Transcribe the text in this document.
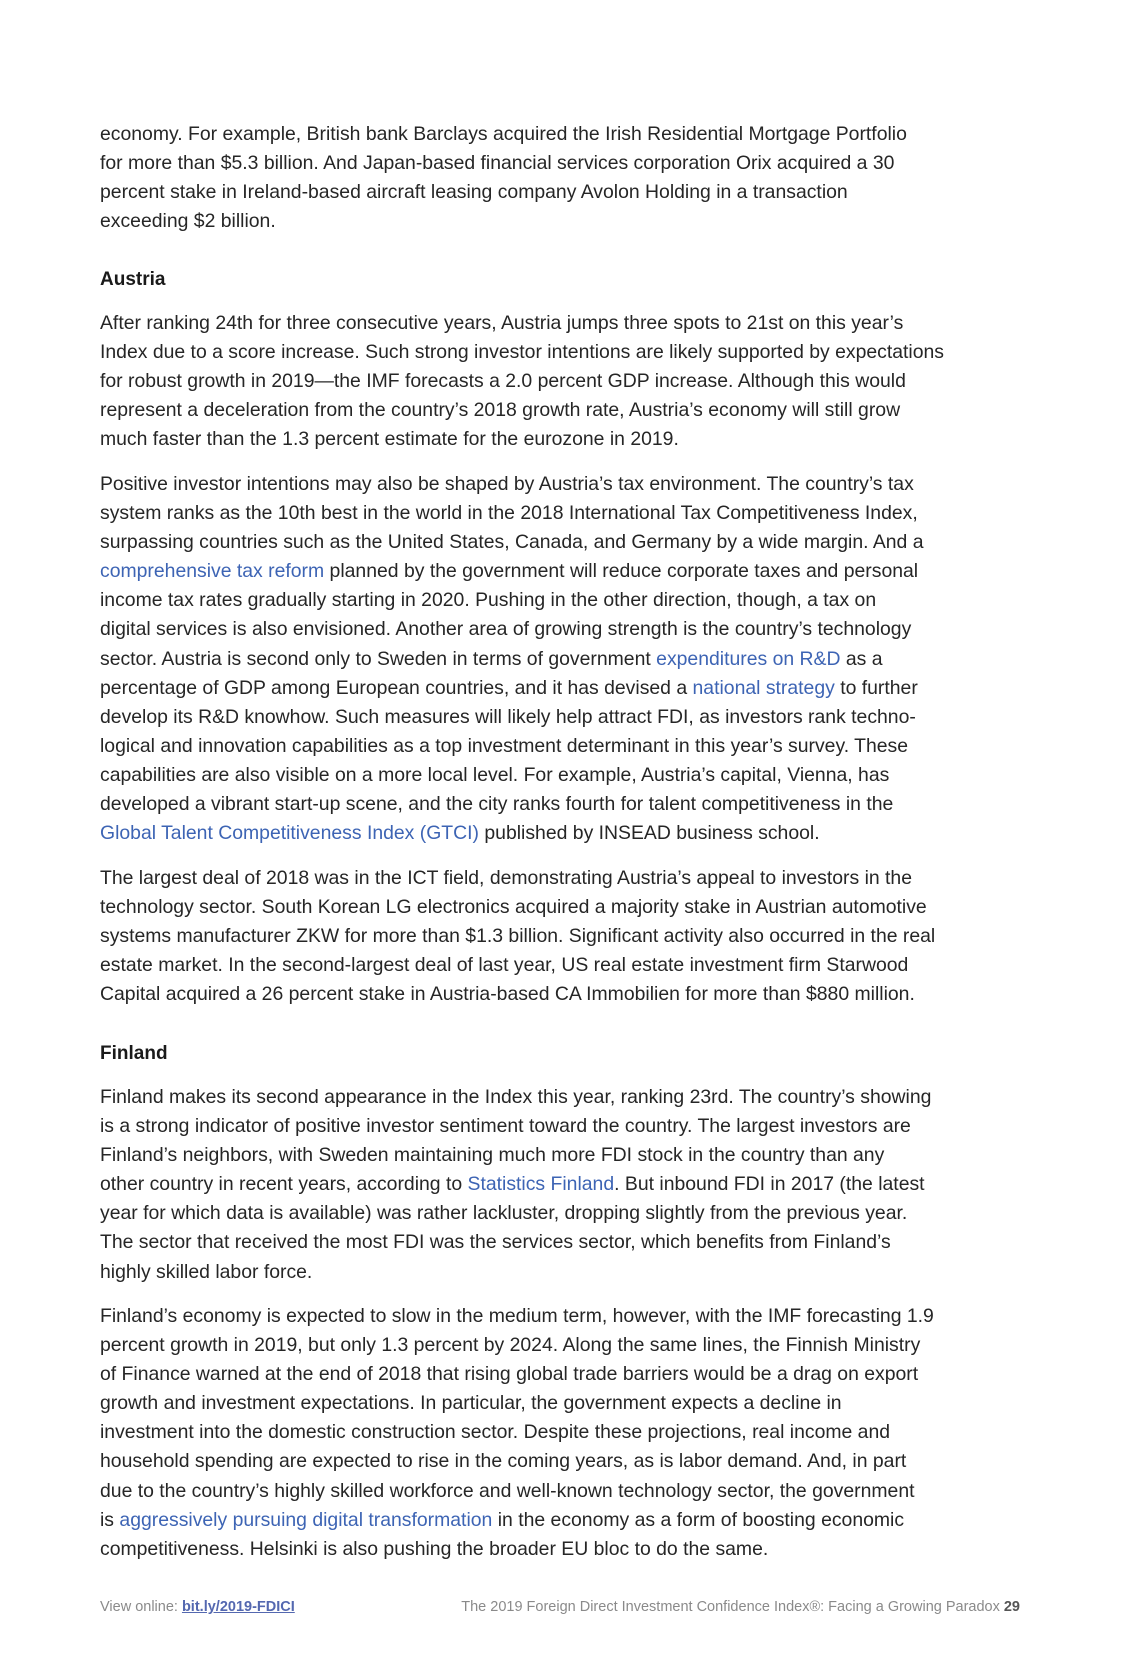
economy. For example, British bank Barclays acquired the Irish Residential Mortgage Portfolio
for more than $5.3 billion. And Japan-based financial services corporation Orix acquired a 30
percent stake in Ireland-based aircraft leasing company Avolon Holding in a transaction
exceeding $2 billion.
Austria
After ranking 24th for three consecutive years, Austria jumps three spots to 21st on this year’s
Index due to a score increase. Such strong investor intentions are likely supported by expectations
for robust growth in 2019—the IMF forecasts a 2.0 percent GDP increase. Although this would
represent a deceleration from the country’s 2018 growth rate, Austria’s economy will still grow
much faster than the 1.3 percent estimate for the eurozone in 2019.
Positive investor intentions may also be shaped by Austria’s tax environment. The country’s tax
system ranks as the 10th best in the world in the 2018 International Tax Competitiveness Index,
surpassing countries such as the United States, Canada, and Germany by a wide margin. And a
comprehensive tax reform planned by the government will reduce corporate taxes and personal
income tax rates gradually starting in 2020. Pushing in the other direction, though, a tax on
digital services is also envisioned. Another area of growing strength is the country’s technology
sector. Austria is second only to Sweden in terms of government expenditures on R&D as a
percentage of GDP among European countries, and it has devised a national strategy to further
develop its R&D knowhow. Such measures will likely help attract FDI, as investors rank techno-
logical and innovation capabilities as a top investment determinant in this year’s survey. These
capabilities are also visible on a more local level. For example, Austria’s capital, Vienna, has
developed a vibrant start-up scene, and the city ranks fourth for talent competitiveness in the
Global Talent Competitiveness Index (GTCI) published by INSEAD business school.
The largest deal of 2018 was in the ICT field, demonstrating Austria’s appeal to investors in the
technology sector. South Korean LG electronics acquired a majority stake in Austrian automotive
systems manufacturer ZKW for more than $1.3 billion. Significant activity also occurred in the real
estate market. In the second-largest deal of last year, US real estate investment firm Starwood
Capital acquired a 26 percent stake in Austria-based CA Immobilien for more than $880 million.
Finland
Finland makes its second appearance in the Index this year, ranking 23rd. The country’s showing
is a strong indicator of positive investor sentiment toward the country. The largest investors are
Finland’s neighbors, with Sweden maintaining much more FDI stock in the country than any
other country in recent years, according to Statistics Finland. But inbound FDI in 2017 (the latest
year for which data is available) was rather lackluster, dropping slightly from the previous year.
The sector that received the most FDI was the services sector, which benefits from Finland’s
highly skilled labor force.
Finland’s economy is expected to slow in the medium term, however, with the IMF forecasting 1.9
percent growth in 2019, but only 1.3 percent by 2024. Along the same lines, the Finnish Ministry
of Finance warned at the end of 2018 that rising global trade barriers would be a drag on export
growth and investment expectations. In particular, the government expects a decline in
investment into the domestic construction sector. Despite these projections, real income and
household spending are expected to rise in the coming years, as is labor demand. And, in part
due to the country’s highly skilled workforce and well-known technology sector, the government
is aggressively pursuing digital transformation in the economy as a form of boosting economic
competitiveness. Helsinki is also pushing the broader EU bloc to do the same.
View online: bit.ly/2019-FDICI	The 2019 Foreign Direct Investment Confidence Index®: Facing a Growing Paradox 29
